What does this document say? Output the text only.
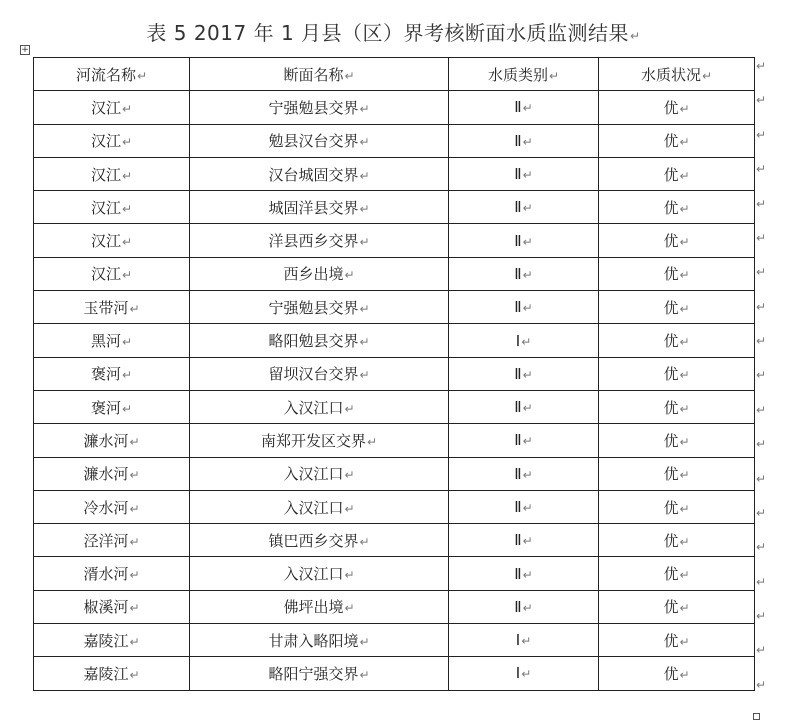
表 5 2017 年 1 月县（区）界考核断面水质监测结果↵
+
河流名称↵	断面名称↵	水质类别↵	水质状况↵
汉江↵	宁强勉县交界↵	Ⅱ↵	优↵
汉江↵	勉县汉台交界↵	Ⅱ↵	优↵
汉江↵	汉台城固交界↵	Ⅱ↵	优↵
汉江↵	城固洋县交界↵	Ⅱ↵	优↵
汉江↵	洋县西乡交界↵	Ⅱ↵	优↵
汉江↵	西乡出境↵	Ⅱ↵	优↵
玉带河↵	宁强勉县交界↵	Ⅱ↵	优↵
黑河↵	略阳勉县交界↵	Ⅰ↵	优↵
褒河↵	留坝汉台交界↵	Ⅱ↵	优↵
褒河↵	入汉江口↵	Ⅱ↵	优↵
濂水河↵	南郑开发区交界↵	Ⅱ↵	优↵
濂水河↵	入汉江口↵	Ⅱ↵	优↵
冷水河↵	入汉江口↵	Ⅱ↵	优↵
泾洋河↵	镇巴西乡交界↵	Ⅱ↵	优↵
湑水河↵	入汉江口↵	Ⅱ↵	优↵
椒溪河↵	佛坪出境↵	Ⅱ↵	优↵
嘉陵江↵	甘肃入略阳境↵	Ⅰ↵	优↵
嘉陵江↵	略阳宁强交界↵	Ⅰ↵	优↵
↵
↵
↵
↵
↵
↵
↵
↵
↵
↵
↵
↵
↵
↵
↵
↵
↵
↵
↵
